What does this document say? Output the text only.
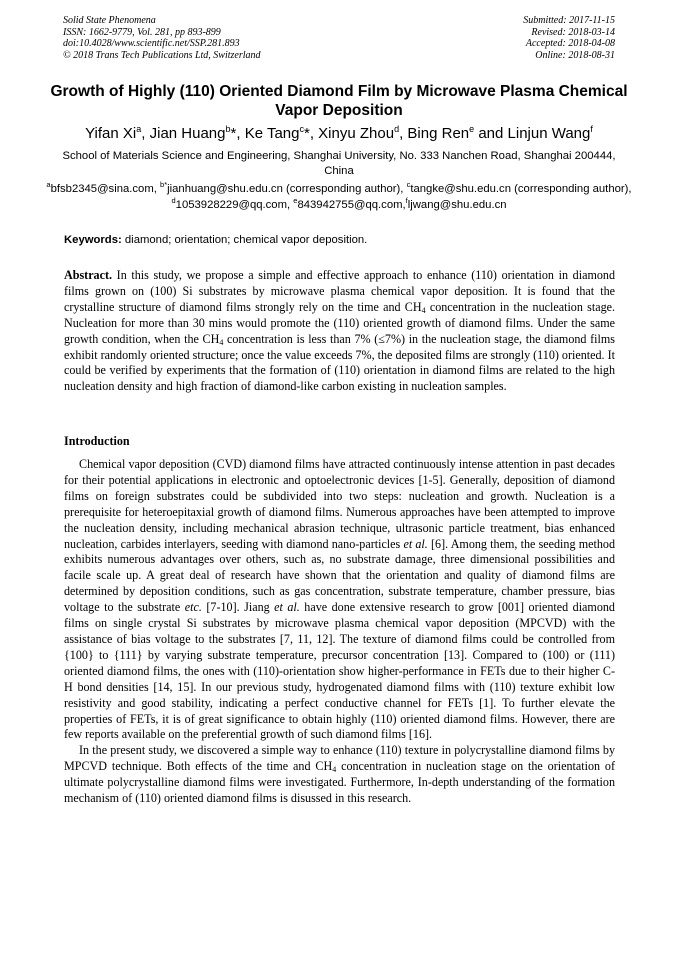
Solid State Phenomena
ISSN: 1662-9779, Vol. 281, pp 893-899
doi:10.4028/www.scientific.net/SSP.281.893
© 2018 Trans Tech Publications Ltd, Switzerland
Submitted: 2017-11-15
Revised: 2018-03-14
Accepted: 2018-04-08
Online: 2018-08-31
Growth of Highly (110) Oriented Diamond Film by Microwave Plasma Chemical Vapor Deposition
Yifan Xi$^a$, Jian Huang$^b$*, Ke Tang$^c$*, Xinyu Zhou$^d$, Bing Ren$^e$ and Linjun Wang$^f$
School of Materials Science and Engineering, Shanghai University, No. 333 Nanchen Road, Shanghai 200444, China
$^a$bfsb2345@sina.com, $^{b*}$jianhuang@shu.edu.cn (corresponding author), $^c$tangke@shu.edu.cn (corresponding author), $^d$1053928229@qq.com, $^e$843942755@qq.com,$^f$ljwang@shu.edu.cn
Keywords: diamond; orientation; chemical vapor deposition.
Abstract. In this study, we propose a simple and effective approach to enhance (110) orientation in diamond films grown on (100) Si substrates by microwave plasma chemical vapor deposition. It is found that the crystalline structure of diamond films strongly rely on the time and $CH_4$ concentration in the nucleation stage. Nucleation for more than 30 mins would promote the (110) oriented growth of diamond films. Under the same growth condition, when the $CH_4$ concentration is less than 7% (≤7%) in the nucleation stage, the diamond films exhibit randomly oriented structure; once the value exceeds 7%, the deposited films are strongly (110) oriented. It could be verified by experiments that the formation of (110) orientation in diamond films are related to the high nucleation density and high fraction of diamond-like carbon existing in nucleation samples.
Introduction

Chemical vapor deposition (CVD) diamond films have attracted continuously intense attention in past decades for their potential applications in electronic and optoelectronic devices [1-5]. Generally, deposition of diamond films on foreign substrates could be subdivided into two steps: nucleation and growth. Nucleation is a prerequisite for heteroepitaxial growth of diamond films. Numerous approaches have been attempted to improve the nucleation density, including mechanical abrasion technique, ultrasonic particle treatment, bias enhanced nucleation, carbides interlayers, seeding with diamond nano-particles et al. [6]. Among them, the seeding method exhibits numerous advantages over others, such as, no substrate damage, three dimensional possibilities and facile scale up. A great deal of research have shown that the orientation and quality of diamond films are determined by deposition conditions, such as gas concentration, substrate temperature, chamber pressure, bias voltage to the substrate etc. [7-10]. Jiang et al. have done extensive research to grow [001] oriented diamond films on single crystal Si substrates by microwave plasma chemical vapor deposition (MPCVD) with the assistance of bias voltage to the substrates [7, 11, 12]. The texture of diamond films could be controlled from {100} to {111} by varying substrate temperature, precursor concentration [13]. Compared to (100) or (111) oriented diamond films, the ones with (110)-orientation show higher-performance in FETs due to their higher C-H bond densities [14, 15]. In our previous study, hydrogenated diamond films with (110) texture exhibit low resistivity and good stability, indicating a perfect conductive channel for FETs [1]. To further elevate the properties of FETs, it is of great significance to obtain highly (110) oriented diamond films. However, there are few reports available on the preferential growth of such diamond films [16].

In the present study, we discovered a simple way to enhance (110) texture in polycrystalline diamond films by MPCVD technique. Both effects of the time and $CH_4$ concentration in nucleation stage on the orientation of ultimate polycrystalline diamond films were investigated. Furthermore, In-depth understanding of the formation mechanism of (110) oriented diamond films is disussed in this research.
